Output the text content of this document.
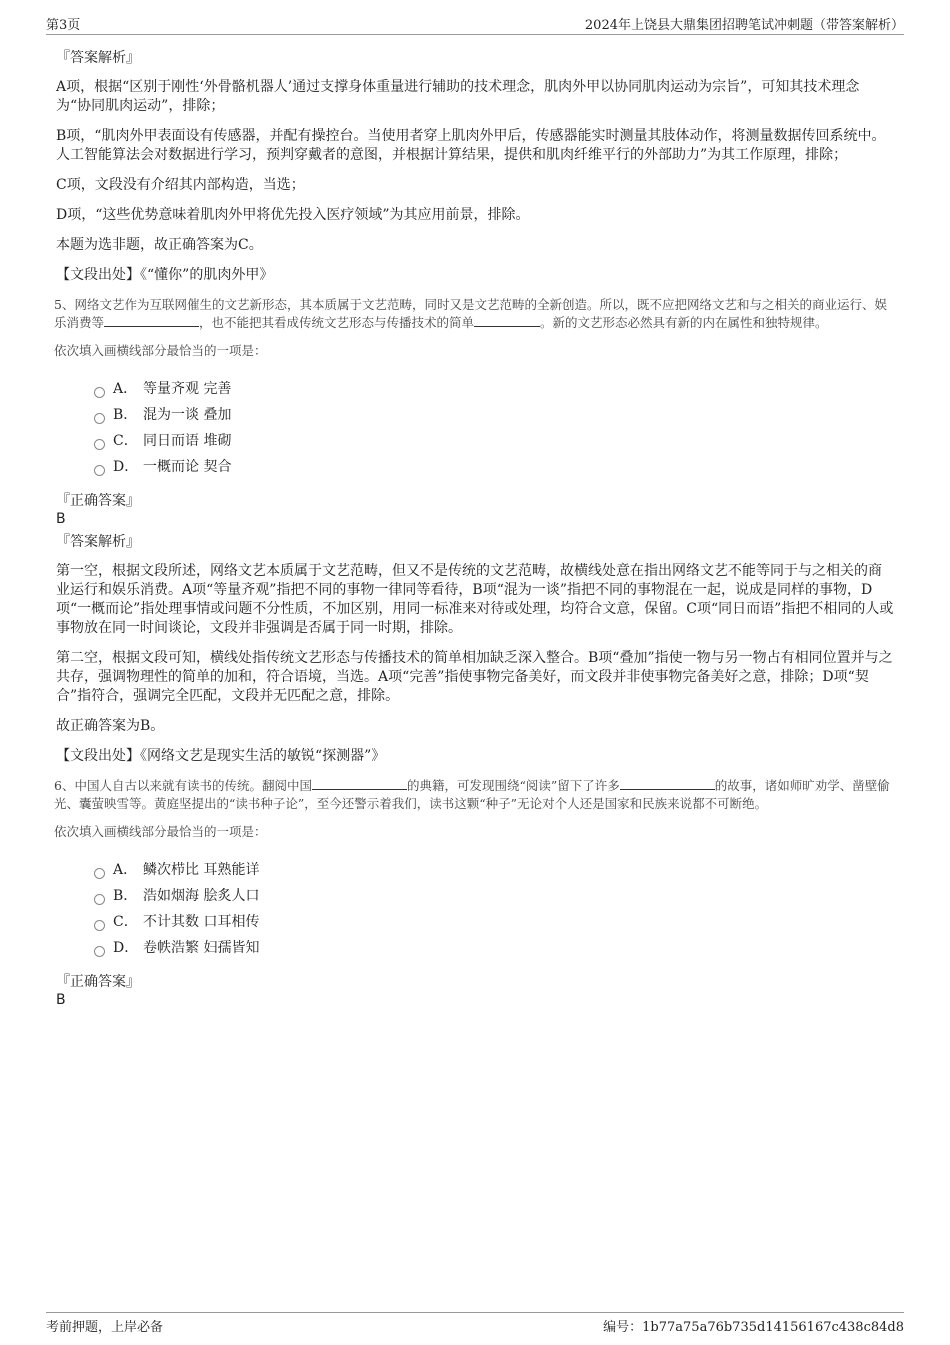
第3页	2024年上饶县大鼎集团招聘笔试冲刺题（带答案解析）
『答案解析』

A项，根据“区别于刚性‘外骨骼机器人’通过支撑身体重量进行辅助的技术理念，肌肉外甲以协同肌肉运动为宗旨”，可知其技术理念为“协同肌肉运动”，排除；

B项，“肌肉外甲表面设有传感器，并配有操控台。当使用者穿上肌肉外甲后，传感器能实时测量其肢体动作，将测量数据传回系统中。人工智能算法会对数据进行学习，预判穿戴者的意图，并根据计算结果，提供和肌肉纤维平行的外部助力”为其工作原理，排除；

C项，文段没有介绍其内部构造，当选；

D项，“这些优势意味着肌肉外甲将优先投入医疗领域”为其应用前景，排除。

本题为选非题，故正确答案为C。

【文段出处】《“懂你”的肌肉外甲》

5、网络文艺作为互联网催生的文艺新形态，其本质属于文艺范畴，同时又是文艺范畴的全新创造。所以，既不应把网络文艺和与之相关的商业运行、娱乐消费等	，也不能把其看成传统文艺形态与传播技术的简单	。新的文艺形态必然具有新的内在属性和独特规律。
依次填入画横线部分最恰当的一项是：
A． 等量齐观 完善
B． 混为一谈 叠加
C． 同日而语 堆砌
D． 一概而论 契合
『正确答案』
B
『答案解析』

第一空，根据文段所述，网络文艺本质属于文艺范畴，但又不是传统的文艺范畴，故横线处意在指出网络文艺不能等同于与之相关的商业运行和娱乐消费。A项“等量齐观”指把不同的事物一律同等看待，B项“混为一谈”指把不同的事物混在一起，说成是同样的事物，D项“一概而论”指处理事情或问题不分性质，不加区别，用同一标准来对待或处理，均符合文意，保留。C项“同日而语”指把不相同的人或事物放在同一时间谈论，文段并非强调是否属于同一时期，排除。

第二空，根据文段可知，横线处指传统文艺形态与传播技术的简单相加缺乏深入整合。B项“叠加”指使一物与另一物占有相同位置并与之共存，强调物理性的简单的加和，符合语境，当选。A项“完善”指使事物完备美好，而文段并非使事物完备美好之意，排除；D项“契合”指符合，强调完全匹配，文段并无匹配之意，排除。

故正确答案为B。

【文段出处】《网络文艺是现实生活的敏锐“探测器”》

6、中国人自古以来就有读书的传统。翻阅中国	的典籍，可发现围绕“阅读”留下了许多	的故事，诸如师旷劝学、凿壁偷光、囊萤映雪等。黄庭坚提出的“读书种子论”，至今还警示着我们，读书这颗“种子”无论对个人还是国家和民族来说都不可断绝。
依次填入画横线部分最恰当的一项是：
A． 鳞次栉比 耳熟能详
B． 浩如烟海 脍炙人口
C． 不计其数 口耳相传
D． 卷帙浩繁 妇孺皆知
『正确答案』
B
考前押题，上岸必备	编号：1b77a75a76b735d14156167c438c84d8
